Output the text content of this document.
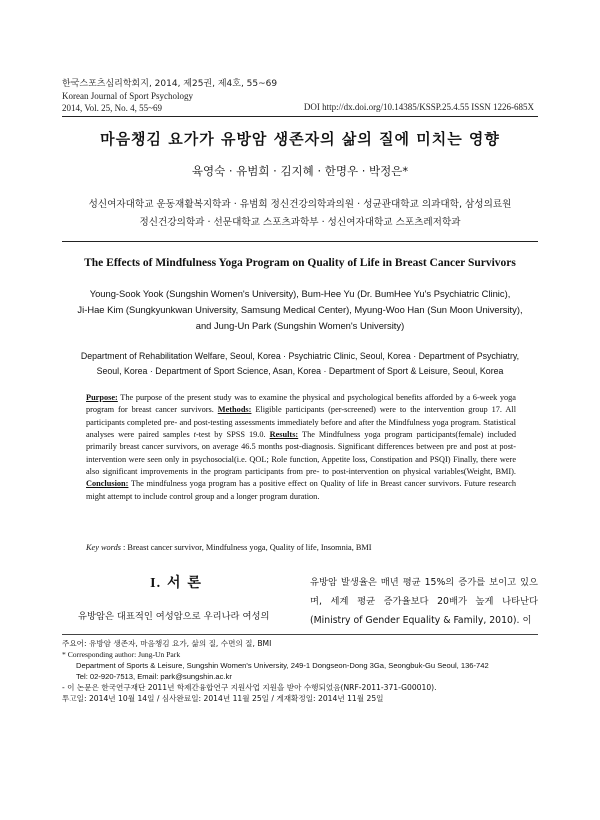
한국스포츠심리학회지, 2014, 제25권, 제4호, 55~69
Korean Journal of Sport Psychology
2014, Vol. 25, No. 4, 55~69	DOI http://dx.doi.org/10.14385/KSSP.25.4.55 ISSN 1226-685X
마음챙김 요가가 유방암 생존자의 삶의 질에 미치는 영향
육영숙 · 유범희 · 김지혜 · 한명우 · 박정은*
성신여자대학교 운동재활복지학과 · 유범희 정신건강의학과의원 · 성균관대학교 의과대학, 삼성의료원
정신건강의학과 · 선문대학교 스포츠과학부 · 성신여자대학교 스포츠레저학과
The Effects of Mindfulness Yoga Program on Quality of Life in Breast Cancer Survivors
Young-Sook Yook (Sungshin Women's University), Bum-Hee Yu (Dr. BumHee Yu's Psychiatric Clinic),
Ji-Hae Kim (Sungkyunkwan University, Samsung Medical Center), Myung-Woo Han (Sun Moon University),
and Jung-Un Park (Sungshin Women's University)
Department of Rehabilitation Welfare, Seoul, Korea · Psychiatric Clinic, Seoul, Korea · Department of Psychiatry,
Seoul, Korea · Department of Sport Science, Asan, Korea · Department of Sport & Leisure, Seoul, Korea
Purpose: The purpose of the present study was to examine the physical and psychological benefits afforded by a 6-week yoga program for breast cancer survivors. Methods: Eligible participants (per-screened) were to the intervention group 17. All participants completed pre- and post-testing assessments immediately before and after the Mindfulness yoga program. Statistical analyses were paired samples t-test by SPSS 19.0. Results: The Mindfulness yoga program participants(female) included primarily breast cancer survivors, on average 46.5 months post-diagnosis. Significant differences between pre and post at post-intervention were seen only in psychosocial(i.e. QOL; Role function, Appetite loss, Constipation and PSQI) Finally, there were also significant improvements in the program participants from pre- to post-intervention on physical variables(Weight, BMI). Conclusion: The mindfulness yoga program has a positive effect on Quality of life in Breast cancer survivors. Future research might attempt to include control group and a longer program duration.
Key words : Breast cancer survivor, Mindfulness yoga, Quality of life, Insomnia, BMI
I. 서 론
유방암은 대표적인 여성암으로 우리나라 여성의
유방암 발생율은 매년 평균 15%의 증가를 보이고 있으며, 세계 평균 증가율보다 20배가 높게 나타난다 (Ministry of Gender Equality & Family, 2010). 이
주요어: 유방암 생존자, 마음챙김 요가, 삶의 질, 수면의 질, BMI
* Corresponding author: Jung-Un Park
Department of Sports & Leisure, Sungshin Women's University, 249-1 Dongseon-Dong 3Ga, Seongbuk-Gu Seoul, 136-742
Tel: 02-920-7513, Email: park@sungshin.ac.kr
- 이 논문은 한국연구재단 2011년 학제간융합연구 지원사업 지원을 받아 수행되었음(NRF-2011-371-G00010).
투고일: 2014년 10월 14일 / 심사완료일: 2014년 11월 25일 / 게재확정일: 2014년 11월 25일
